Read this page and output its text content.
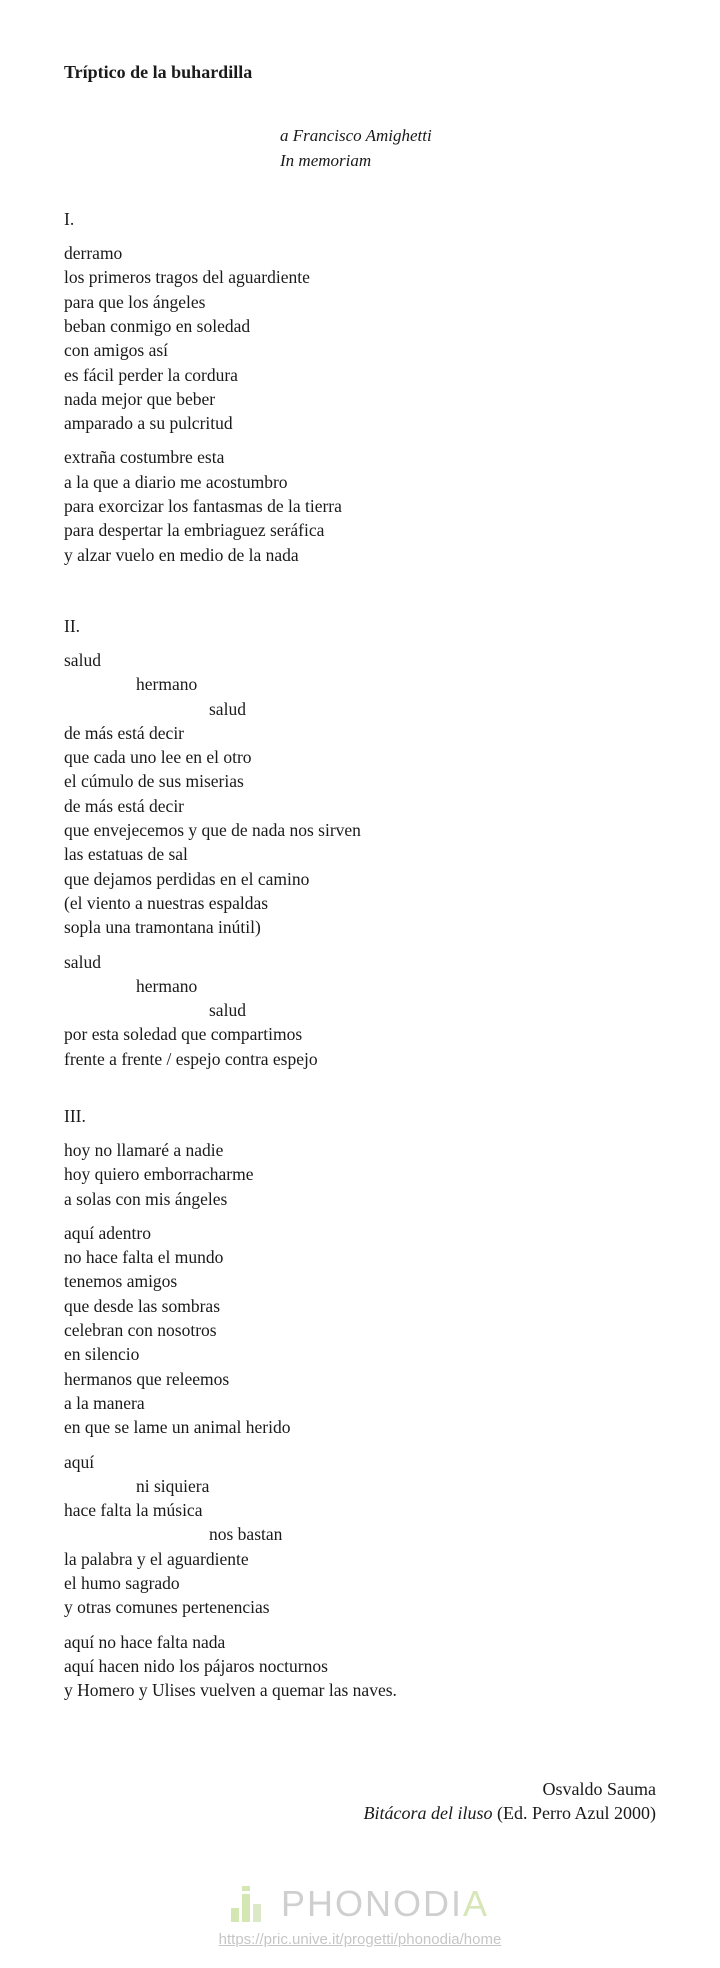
Tríptico de la buhardilla
a Francisco Amighetti
In memoriam
I.
derramo
los primeros tragos del aguardiente
para que los ángeles
beban conmigo en soledad
con amigos así
es fácil perder la cordura
nada mejor que beber
amparado a su pulcritud
extraña costumbre esta
a la que a diario me acostumbro
para exorcizar los fantasmas de la tierra
para despertar la embriaguez seráfica
y alzar vuelo en medio de la nada
II.
salud
hermano
salud
de más está decir
que cada uno lee en el otro
el cúmulo de sus miserias
de más está decir
que envejecemos y que de nada nos sirven
las estatuas de sal
que dejamos perdidas en el camino
(el viento a nuestras espaldas
sopla una tramontana inútil)
salud
hermano
salud
por esta soledad que compartimos
frente a frente / espejo contra espejo
III.
hoy no llamaré a nadie
hoy quiero emborracharme
a solas con mis ángeles
aquí adentro
no hace falta el mundo
tenemos amigos
que desde las sombras
celebran con nosotros
en silencio
hermanos que releemos
a la manera
en que se lame un animal herido
aquí
ni siquiera
hace falta la música
nos bastan
la palabra y el aguardiente
el humo sagrado
y otras comunes pertenencias
aquí no hace falta nada
aquí hacen nido los pájaros nocturnos
y Homero y Ulises vuelven a quemar las naves.
Osvaldo Sauma
Bitácora del iluso (Ed. Perro Azul 2000)
PHONODIA
https://pric.unive.it/progetti/phonodia/home
